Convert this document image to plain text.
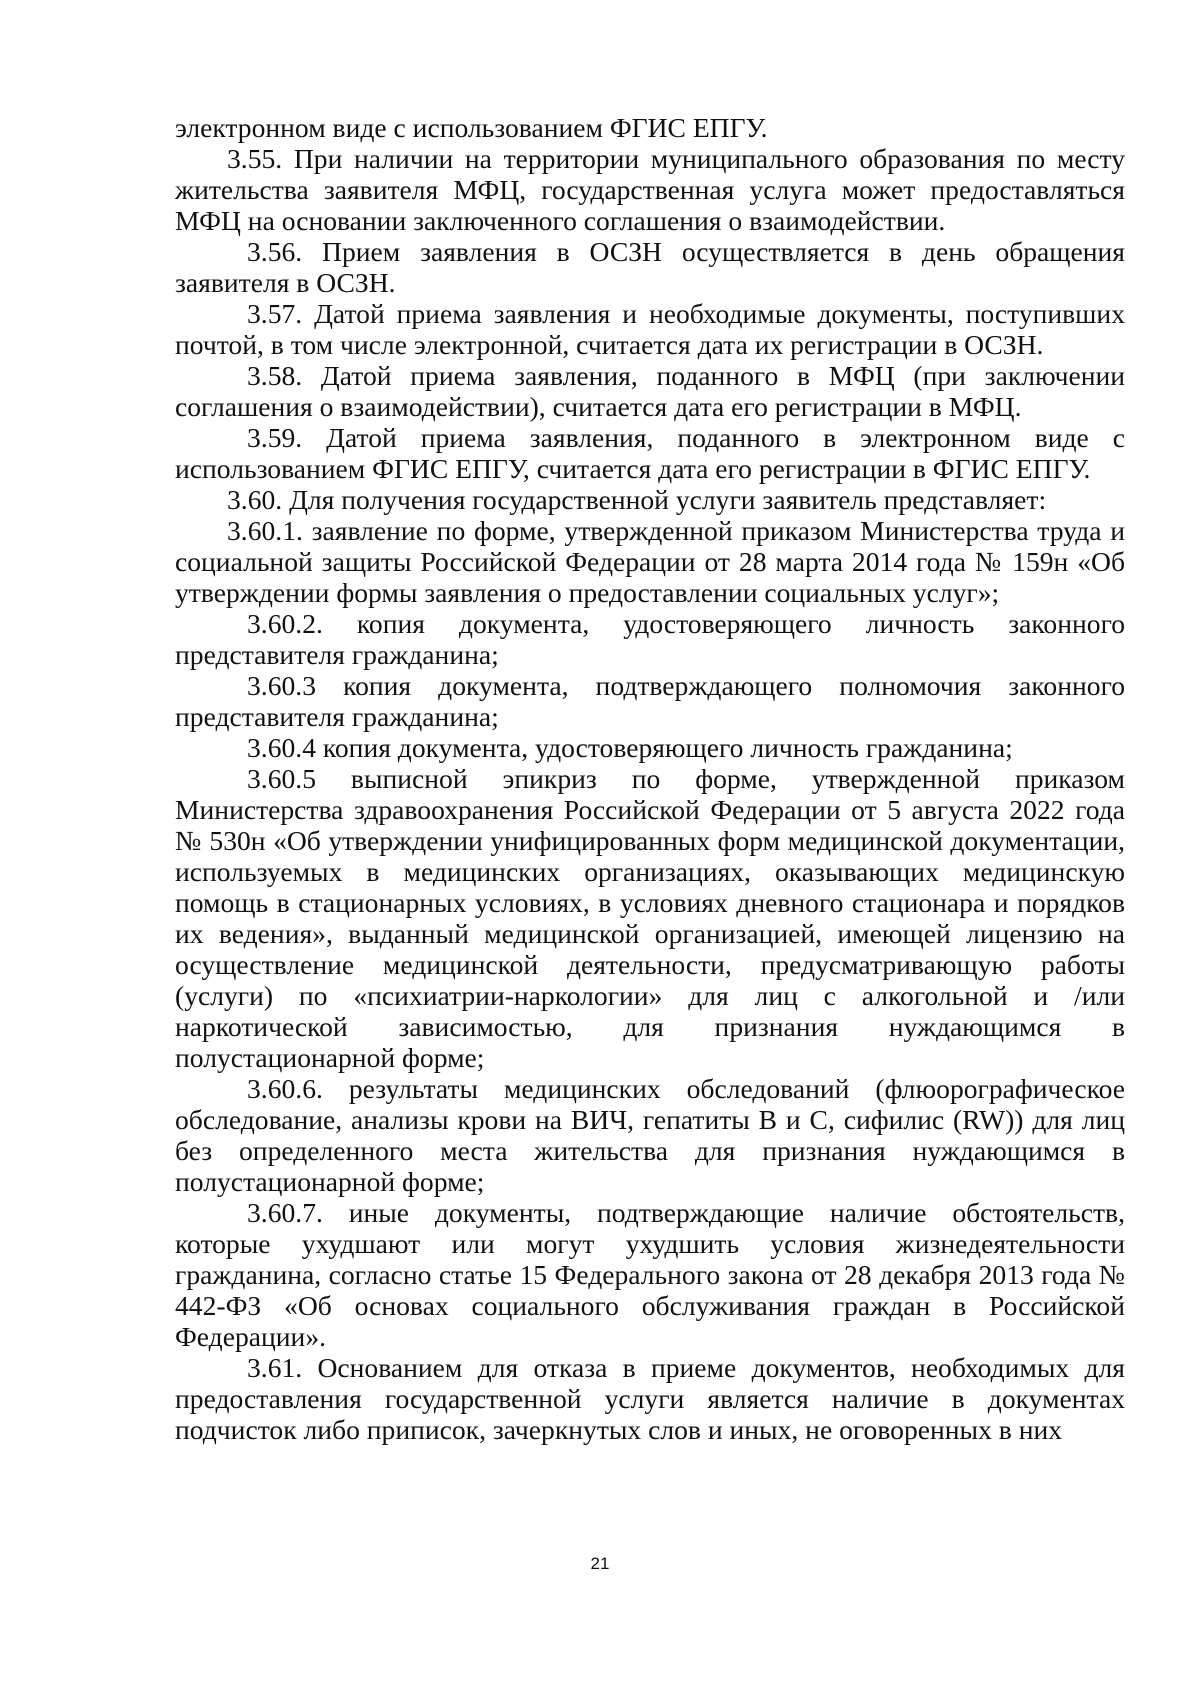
электронном виде с использованием ФГИС ЕПГУ.

3.55. При наличии на территории муниципального образования по месту жительства заявителя МФЦ, государственная услуга может предоставляться МФЦ на основании заключенного соглашения о взаимодействии.

3.56. Прием заявления в ОСЗН осуществляется в день обращения заявителя в ОСЗН.

3.57. Датой приема заявления и необходимые документы, поступивших почтой, в том числе электронной, считается дата их регистрации в ОСЗН.

3.58. Датой приема заявления, поданного в МФЦ (при заключении соглашения о взаимодействии), считается дата его регистрации в МФЦ.

3.59. Датой приема заявления, поданного в электронном виде с использованием ФГИС ЕПГУ, считается дата его регистрации в ФГИС ЕПГУ.

3.60. Для получения государственной услуги заявитель представляет:

3.60.1. заявление по форме, утвержденной приказом Министерства труда и социальной защиты Российской Федерации от 28 марта 2014 года № 159н «Об утверждении формы заявления о предоставлении социальных услуг»;

3.60.2. копия документа, удостоверяющего личность законного представителя гражданина;

3.60.3 копия документа, подтверждающего полномочия законного представителя гражданина;

3.60.4 копия документа, удостоверяющего личность гражданина;

3.60.5 выписной эпикриз по форме, утвержденной приказом Министерства здравоохранения Российской Федерации от 5 августа 2022 года № 530н «Об утверждении унифицированных форм медицинской документации, используемых в медицинских организациях, оказывающих медицинскую помощь в стационарных условиях, в условиях дневного стационара и порядков их ведения», выданный медицинской организацией, имеющей лицензию на осуществление медицинской деятельности, предусматривающую работы (услуги) по «психиатрии-наркологии» для лиц с алкогольной и /или наркотической зависимостью, для признания нуждающимся в полустационарной форме;

3.60.6. результаты медицинских обследований (флюорографическое обследование, анализы крови на ВИЧ, гепатиты В и С, сифилис (RW)) для лиц без определенного места жительства для признания нуждающимся в полустационарной форме;

3.60.7. иные документы, подтверждающие наличие обстоятельств, которые ухудшают или могут ухудшить условия жизнедеятельности гражданина, согласно статье 15 Федерального закона от 28 декабря 2013 года № 442-ФЗ «Об основах социального обслуживания граждан в Российской Федерации».

3.61. Основанием для отказа в приеме документов, необходимых для предоставления государственной услуги является наличие в документах подчисток либо приписок, зачеркнутых слов и иных, не оговоренных в них

21
